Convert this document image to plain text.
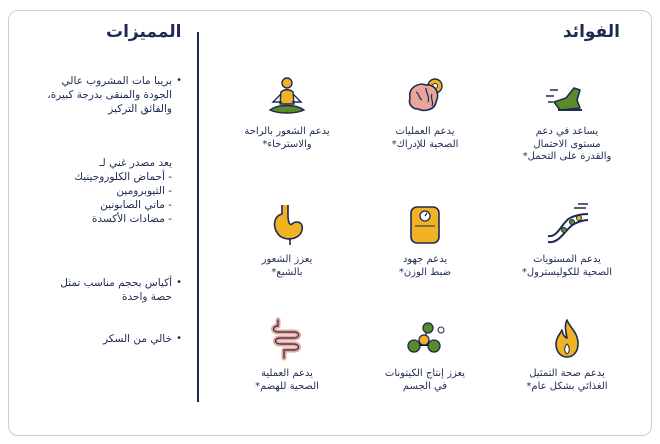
المميزات	الفوائد
•
بريبا مات المشروب عالي
الجودة والمنقى بدرجة كبيرة،
والفائق التركيز
يعد مصدر غني لـ
- أحماض الكلوروجينيك
- الثيوبرومين
- ماتي الصابونين
- مضادات الأكسدة
•
أكياس بحجم مناسب تمثل
حصة واحدة
•
خالي من السكر
يساعد في دعم
مستوى الاحتمال
والقدرة على التحمل*
يدعم العمليات
الصحية للإدراك*
يدعم الشعور بالراحة
والاسترخاء*
يدعم المستويات
الصحية للكوليسترول*
يدعم جهود
ضبط الوزن*
يعزز الشعور
بالشبع*
يدعم صحة التمثيل
الغذائي بشكل عام*
يعزز إنتاج الكيتونات
في الجسم
يدعم العملية
الصحية للهضم*
